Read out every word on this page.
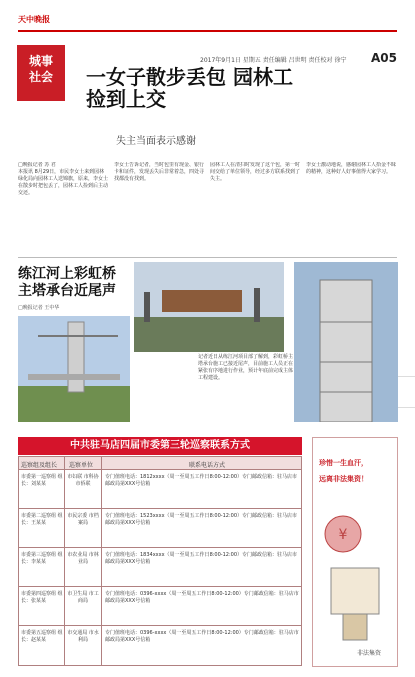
天中晚报
2017年9月1日 星期五 责任编辑 吕世明 责任校对 徐宁 A05
城事
社会	一女子散步丢包 园林工捡到上交
失主当面表示感谢
□晚报记者 苏 君
本报讯 8月29日，市民李女士来到园林绿化局向园林工人送锦旗，原来，李女士在散步时把包丢了，园林工人捡到后主动交还。
李女士告诉记者，当时包里有现金、银行卡和证件，发现丢失后非常着急，四处寻找都没有找到。
园林工人在清扫时发现了这个包，第一时间交给了单位领导，经过多方联系找到了失主。
李女士激动地说，感谢园林工人拾金不昧的精神，这种好人好事值得大家学习。
练江河上彩虹桥 主塔承台近尾声
□晚报记者 王中华
记者近日从练江河项目部了解到，彩虹桥主塔承台施工已接近尾声，目前施工人员正在紧张有序地进行作业，预计年底前完成主体工程建设。
中共驻马店四届市委第三轮巡察联系方式
巡察组及组长 巡察单位	联系电话方式
市委第一巡察组 组长：刘某某
市妇联 市科协 市侨联
专门值班电话：1812xxxx（周一至周五工作日8:00-12:00）专门邮政信箱：驻马店市邮政局第XXX号信箱
市委第二巡察组 组长：王某某
市民宗委 市档案局
专门值班电话：1523xxxx（周一至周五工作日8:00-12:00）专门邮政信箱：驻马店市邮政局第XXX号信箱
市委第三巡察组 组长：李某某
市农业局 市林业局
专门值班电话：1834xxxx（周一至周五工作日8:00-12:00）专门邮政信箱：驻马店市邮政局第XXX号信箱
市委第四巡察组 组长：张某某
市卫生局 市工商局
专门值班电话：0396-xxxx（周一至周五工作日8:00-12:00）专门邮政信箱：驻马店市邮政局第XXX号信箱
市委第五巡察组 组长：赵某某
市交通局 市水利局
专门值班电话：0396-xxxx（周一至周五工作日8:00-12:00）专门邮政信箱：驻马店市邮政局第XXX号信箱
珍惜一生血汗，
远离非法集资！
¥
非法集资
